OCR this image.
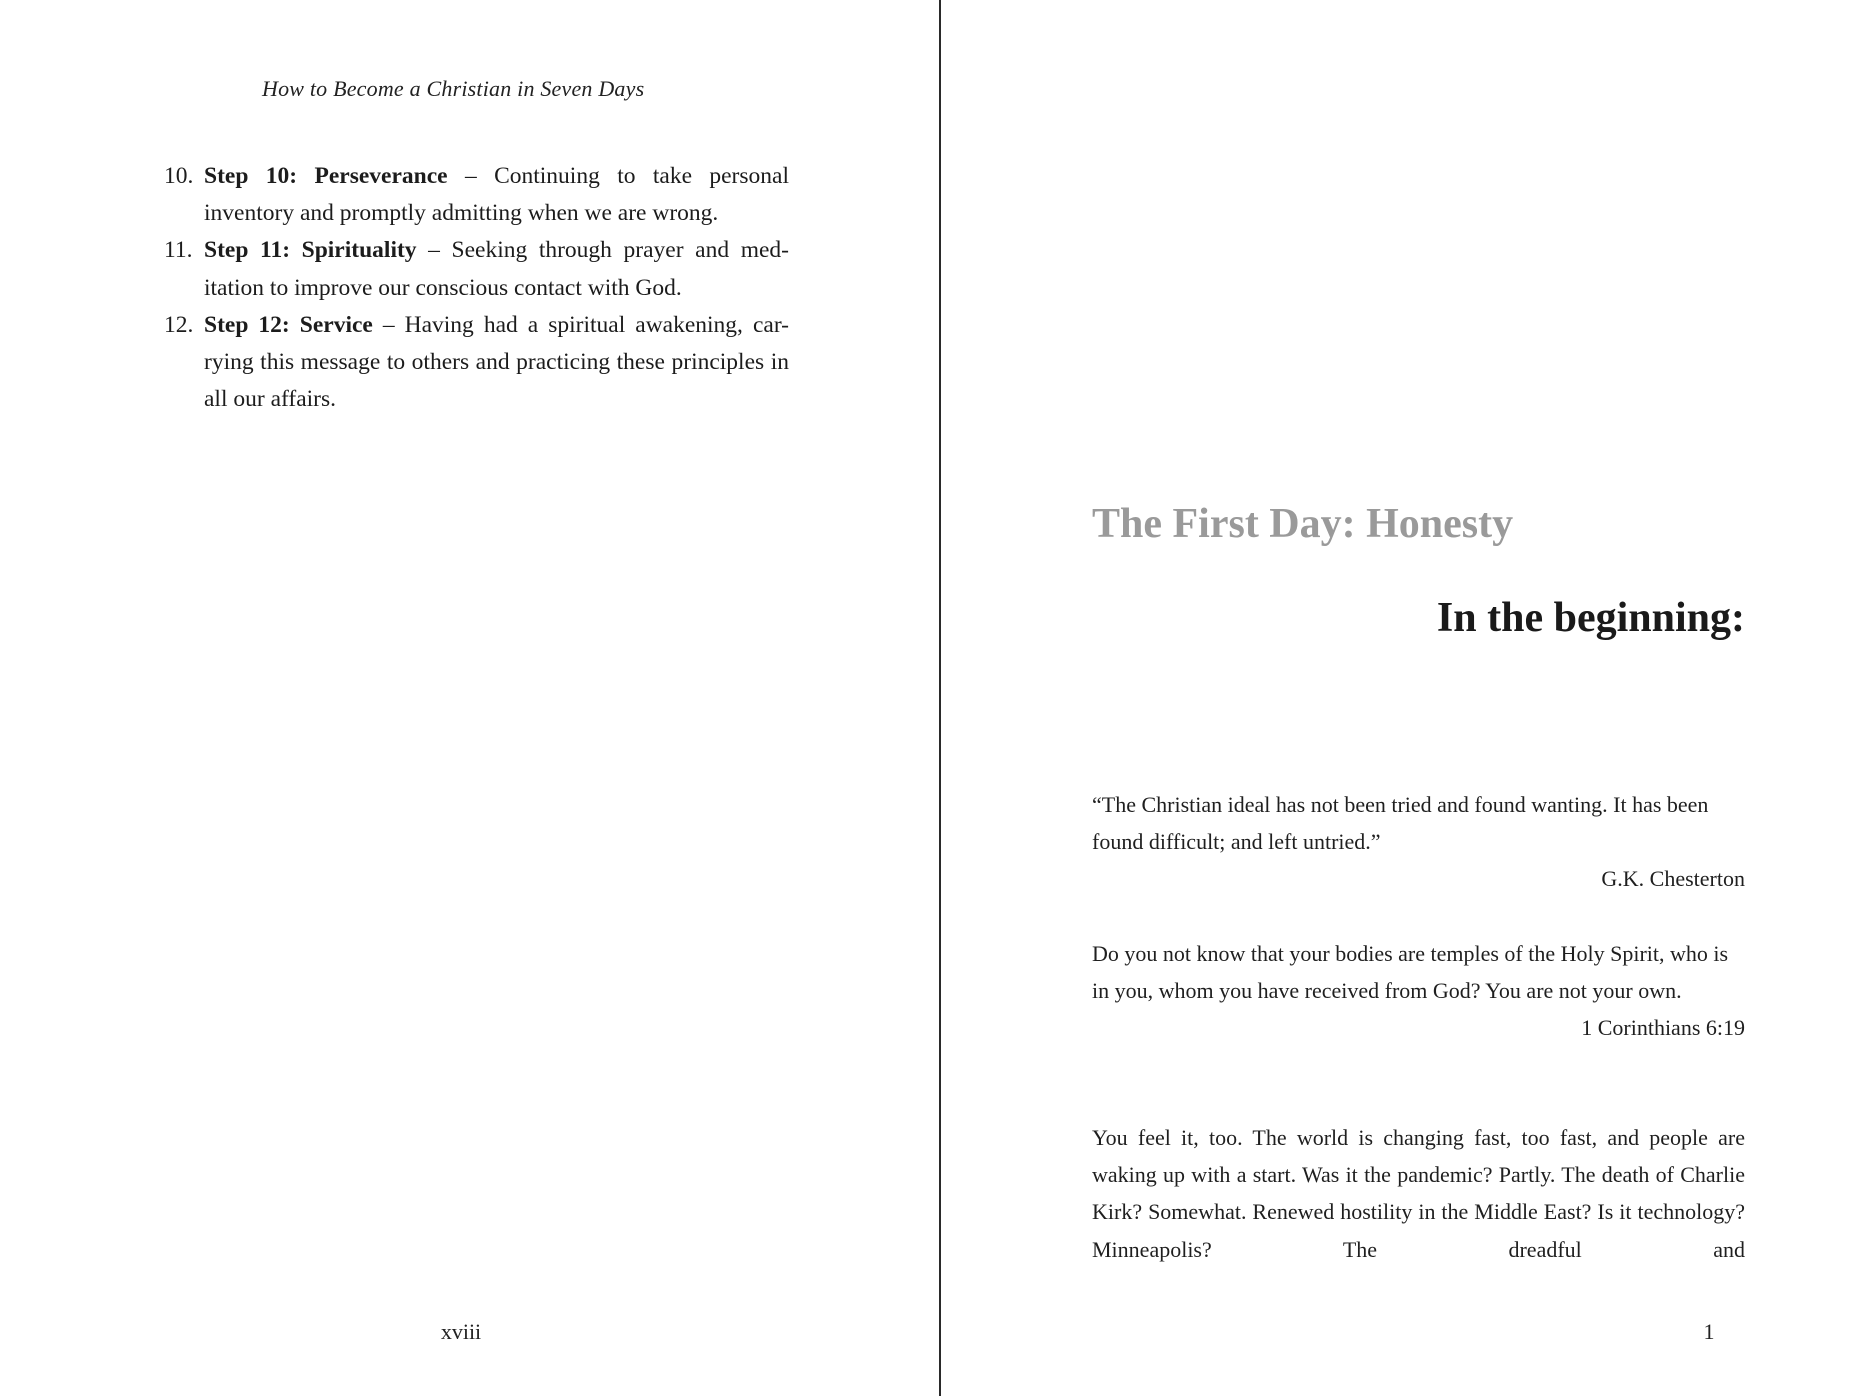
How to Become a Christian in Seven Days
10. Step 10: Perseverance – Continuing to take personal inventory and promptly admitting when we are wrong.
11. Step 11: Spirituality – Seeking through prayer and med-itation to improve our conscious contact with God.
12. Step 12: Service – Having had a spiritual awakening, car-rying this message to others and practicing these principles in all our affairs.
xviii
The First Day: Honesty
In the beginning:

“The Christian ideal has not been tried and found wanting. It has been found difficult; and left untried.”

G.K. Chesterton

Do you not know that your bodies are temples of the Holy Spirit, who is in you, whom you have received from God? You are not your own.

1 Corinthians 6:19

You feel it, too. The world is changing fast, too fast, and people are waking up with a start. Was it the pandemic? Partly. The death of Charlie Kirk? Somewhat. Renewed hostility in the Middle East? Is it technology? Minneapolis? The dreadful and
1
